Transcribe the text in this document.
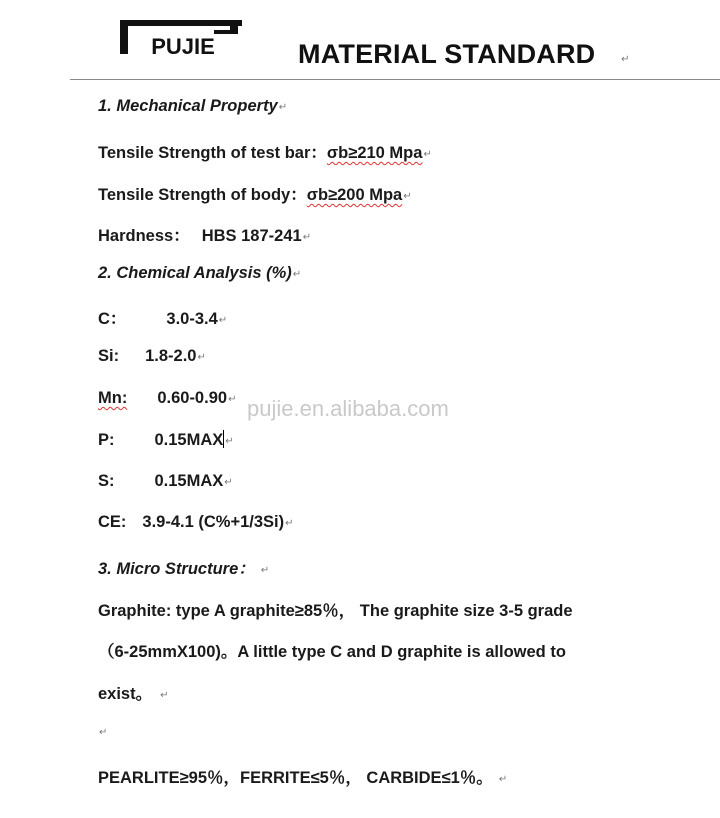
PUJIE	MATERIAL STANDARD	↵
1. Mechanical Property↵
Tensile Strength of test bar：σb≥210 Mpa↵
Tensile Strength of body：σb≥200 Mpa↵
Hardness： HBS 187-241↵
2. Chemical Analysis (%)↵
C： 3.0-3.4↵
Si: 1.8-2.0↵
Mn: 0.60-0.90↵
P: 0.15MAX ↵
S: 0.15MAX↵
CE: 3.9-4.1 (C%+1/3Si)↵
3. Micro Structure： ↵
Graphite: type A graphite≥85％， The graphite size 3-5 grade
（6-25mmX100)。A little type C and D graphite is allowed to
exist。 ↵
↵
PEARLITE≥95％，FERRITE≤5％， CARBIDE≤1％。 ↵
pujie.en.alibaba.com
